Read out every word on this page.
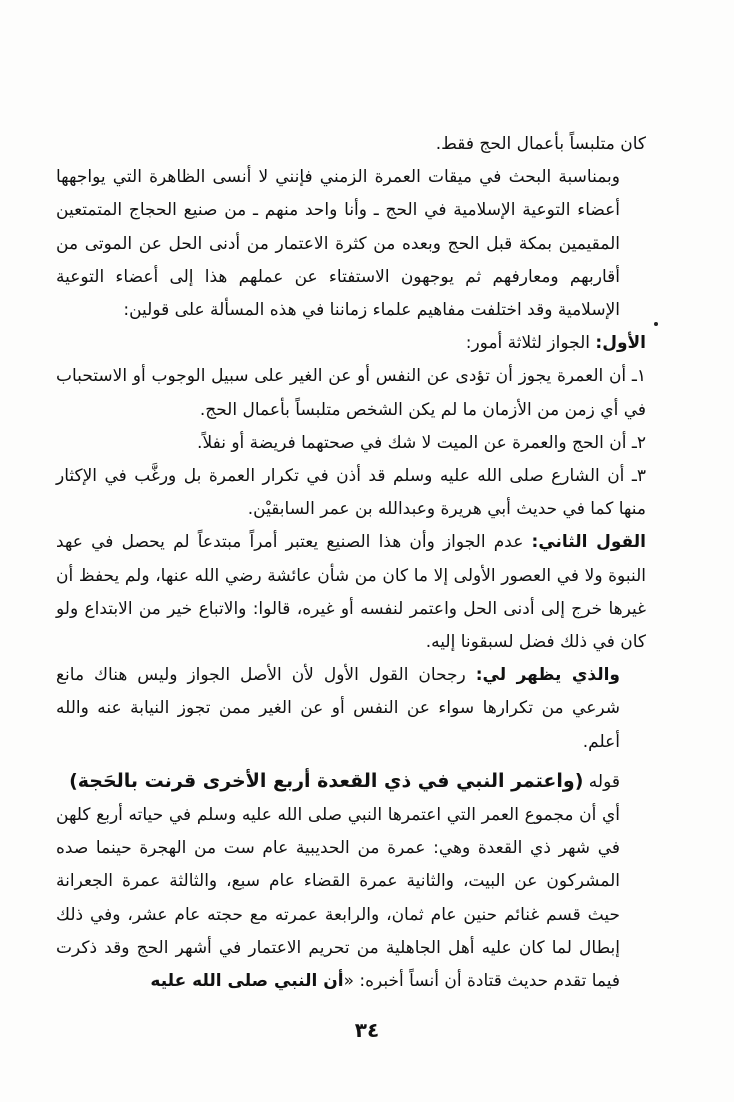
كان متلبساً بأعمال الحج فقط.

وبمناسبة البحث في ميقات العمرة الزمني فإنني لا أنسى الظاهرة التي يواجهها أعضاء التوعية الإسلامية في الحج ـ وأنا واحد منهم ـ من صنيع الحجاج المتمتعين المقيمين بمكة قبل الحج وبعده من كثرة الاعتمار من أدنى الحل عن الموتى من أقاربهم ومعارفهم ثم يوجهون الاستفتاء عن عملهم هذا إلى أعضاء التوعية الإسلامية وقد اختلفت مفاهيم علماء زماننا في هذه المسألة على قولين:

الأول: الجواز لثلاثة أمور:

١ـ أن العمرة يجوز أن تؤدى عن النفس أو عن الغير على سبيل الوجوب أو الاستحباب في أي زمن من الأزمان ما لم يكن الشخص متلبساً بأعمال الحج.

٢ـ أن الحج والعمرة عن الميت لا شك في صحتهما فريضة أو نفلاً.

٣ـ أن الشارع صلى الله عليه وسلم قد أذن في تكرار العمرة بل ورغَّب في الإكثار منها كما في حديث أبي هريرة وعبدالله بن عمر السابقيْن.

القول الثاني: عدم الجواز وأن هذا الصنيع يعتبر أمراً مبتدعاً لم يحصل في عهد النبوة ولا في العصور الأولى إلا ما كان من شأن عائشة رضي الله عنها، ولم يحفظ أن غيرها خرج إلى أدنى الحل واعتمر لنفسه أو غيره، قالوا: والاتباع خير من الابتداع ولو كان في ذلك فضل لسبقونا إليه.

والذي يظهر لي: رجحان القول الأول لأن الأصل الجواز وليس هناك مانع شرعي من تكرارها سواء عن النفس أو عن الغير ممن تجوز النيابة عنه والله أعلم.

قوله (واعتمر النبي في ذي القعدة أربع الأخرى قرنت بالحَجة)

أي أن مجموع العمر التي اعتمرها النبي صلى الله عليه وسلم في حياته أربع كلهن في شهر ذي القعدة وهي: عمرة من الحديبية عام ست من الهجرة حينما صده المشركون عن البيت، والثانية عمرة القضاء عام سبع، والثالثة عمرة الجعرانة حيث قسم غنائم حنين عام ثمان، والرابعة عمرته مع حجته عام عشر، وفي ذلك إبطال لما كان عليه أهل الجاهلية من تحريم الاعتمار في أشهر الحج وقد ذكرت فيما تقدم حديث قتادة أن أنساً أخبره: «أن النبي صلى الله عليه

٣٤
